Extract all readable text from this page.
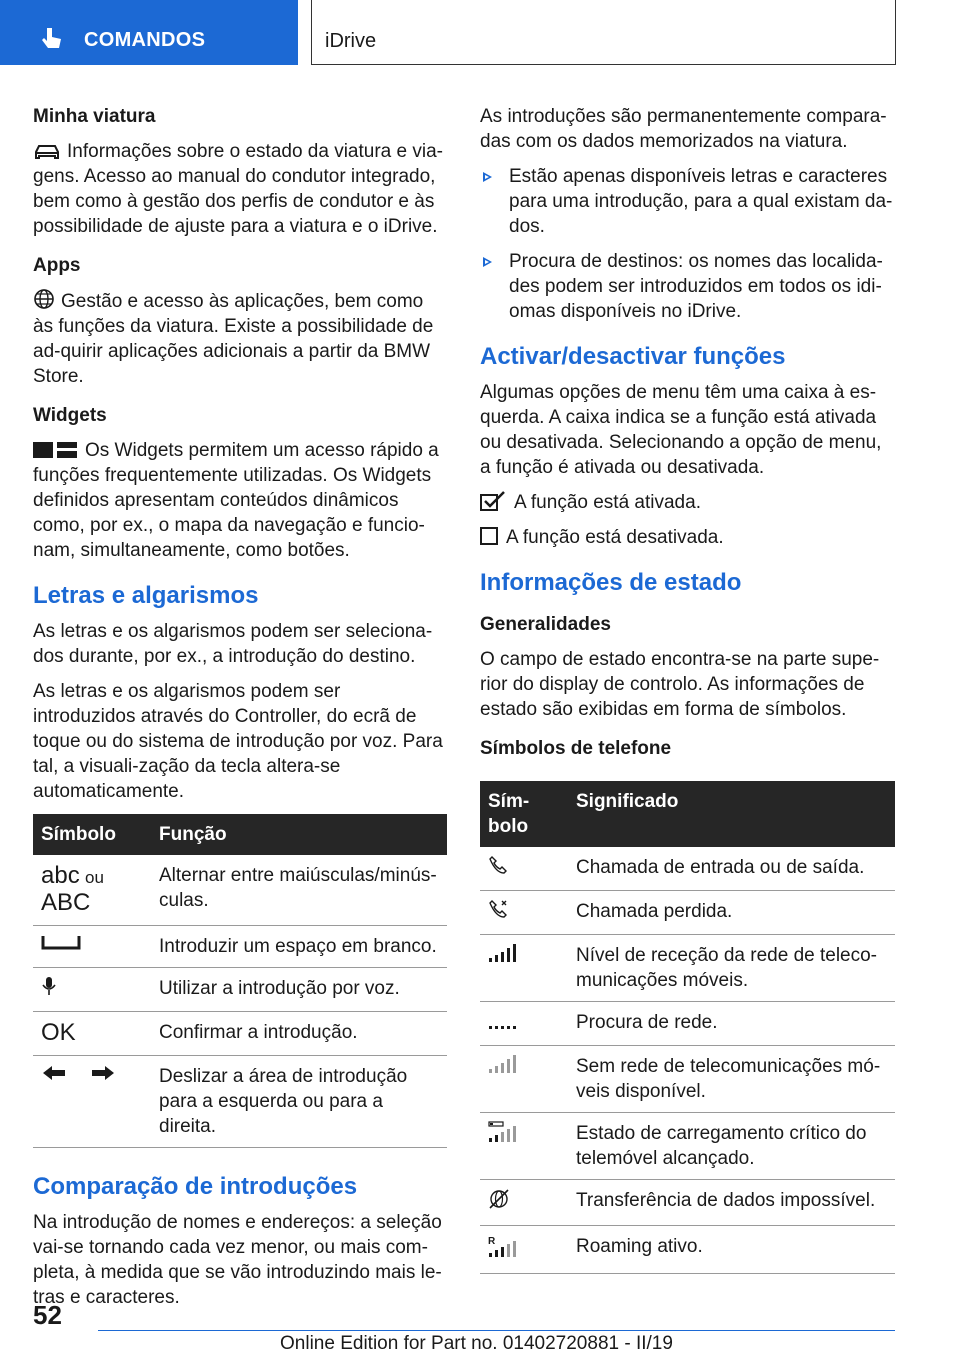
COMANDOS	iDrive
Minha viatura

Informações sobre o estado da viatura e via-gens. Acesso ao manual do condutor integrado, bem como à gestão dos perfis de condutor e às possibilidade de ajuste para a viatura e o iDrive.

Apps

Gestão e acesso às aplicações, bem como às funções da viatura. Existe a possibilidade de ad-quirir aplicações adicionais a partir da BMW Store.

Widgets

Os Widgets permitem um acesso rápido a funções frequentemente utilizadas. Os Widgets definidos apresentam conteúdos dinâmicos como, por ex., o mapa da navegação e funcio-nam, simultaneamente, como botões.

Letras e algarismos

As letras e os algarismos podem ser seleciona-dos durante, por ex., a introdução do destino.

As letras e os algarismos podem ser introduzidos através do Controller, do ecrã de toque ou do sistema de introdução por voz. Para tal, a visuali-zação da tecla altera-se automaticamente.

Símbolo	Função
abc ou
ABC	Alternar entre maiúsculas/minús-culas.
	Introduzir um espaço em branco.
	Utilizar a introdução por voz.
OK	Confirmar a introdução.
	Deslizar a área de introdução para a esquerda ou para a direita.
Comparação de introduções

Na introdução de nomes e endereços: a seleção vai-se tornando cada vez menor, ou mais com-pleta, à medida que se vão introduzindo mais le-tras e caracteres.

As introduções são permanentemente compara-das com os dados memorizados na viatura.

Estão apenas disponíveis letras e caracteres para uma introdução, para a qual existam da-dos.
Procura de destinos: os nomes das localida-des podem ser introduzidos em todos os idi-omas disponíveis no iDrive.
Activar/desactivar funções

Algumas opções de menu têm uma caixa à es-querda. A caixa indica se a função está ativada ou desativada. Selecionando a opção de menu, a função é ativada ou desativada.

A função está ativada.
A função está desativada.
Informações de estado
Generalidades

O campo de estado encontra-se na parte supe-rior do display de controlo. As informações de estado são exibidas em forma de símbolos.

Símbolos de telefone
Sím-bolo	Significado
	Chamada de entrada ou de saída.
	Chamada perdida.
	Nível de receção da rede de teleco-municações móveis.
	Procura de rede.
	Sem rede de telecomunicações mó-veis disponível.
	Estado de carregamento crítico do telemóvel alcançado.
	Transferência de dados impossível.

R	Roaming ativo.
52
Online Edition for Part no. 01402720881 - II/19
